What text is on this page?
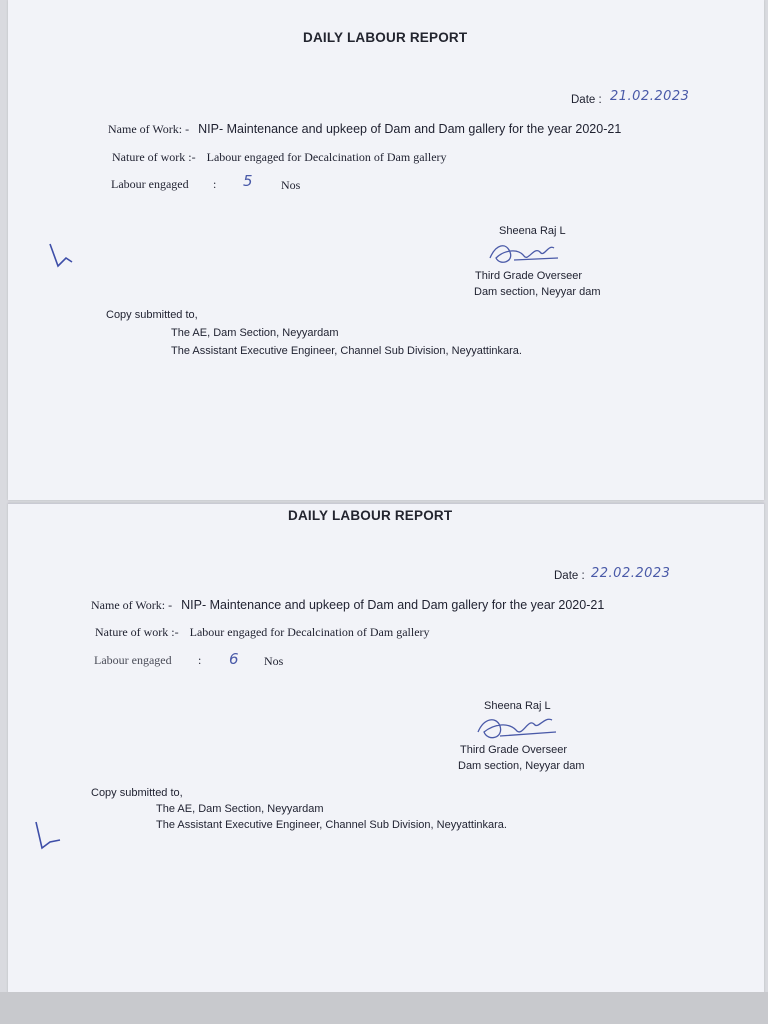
DAILY LABOUR REPORT
Date : 21.02.2023
Name of Work: - NIP- Maintenance and upkeep of Dam and Dam gallery for the year 2020-21
Nature of work :- Labour engaged for Decalcination of Dam gallery
Labour engaged : 5 Nos
Sheena Raj L
Third Grade Overseer
Dam section, Neyyar dam
Copy submitted to,
The AE, Dam Section, Neyyardam
The Assistant Executive Engineer, Channel Sub Division, Neyyattinkara.
DAILY LABOUR REPORT
Date : 22.02.2023
Name of Work: - NIP- Maintenance and upkeep of Dam and Dam gallery for the year 2020-21
Nature of work :- Labour engaged for Decalcination of Dam gallery
Labour engaged : 6 Nos
Sheena Raj L
Third Grade Overseer
Dam section, Neyyar dam
Copy submitted to,
The AE, Dam Section, Neyyardam
The Assistant Executive Engineer, Channel Sub Division, Neyyattinkara.
